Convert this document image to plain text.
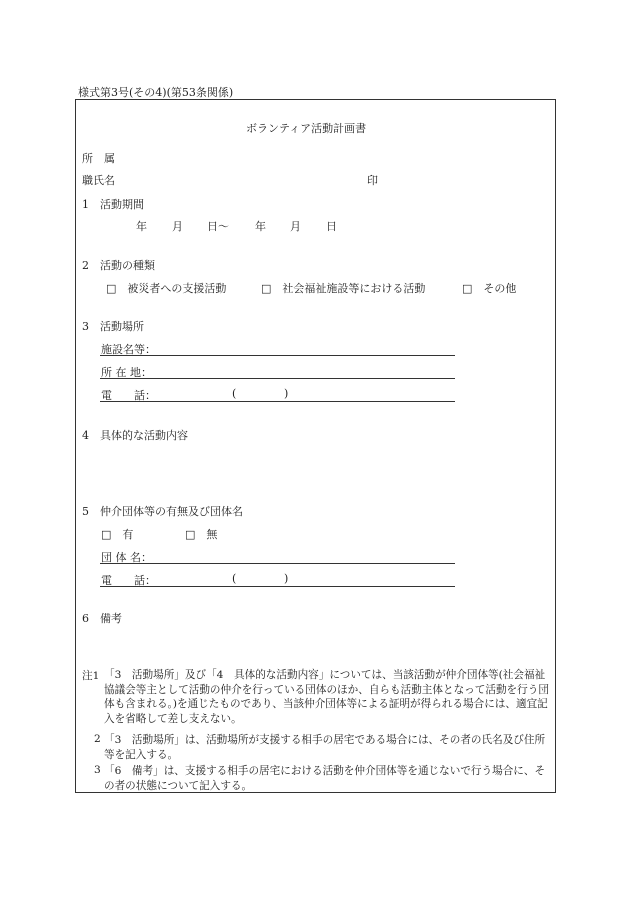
様式第3号(その4)(第53条関係)
ボランティア活動計画書
所　属
職氏名	印
1　活動期間
年 月 日～ 年 月 日
2　活動の種類
□　被災者への支援活動	□　社会福祉施設等における活動	□　その他
3　活動場所
施設名等：
所 在 地：
電　　話：	(	)
4　具体的な活動内容
5　仲介団体等の有無及び団体名
□　有	□　無
団 体 名：
電　　話：	(	)
6　備考
注1 「3　活動場所」及び「4　具体的な活動内容」については、当該活動が仲介団体等(社会福祉協議会等主として活動の仲介を行っている団体のほか、自らも活動主体となって活動を行う団体も含まれる。)を通じたものであり、当該仲介団体等による証明が得られる場合には、適宜記入を省略して差し支えない。
2 「3　活動場所」は、活動場所が支援する相手の居宅である場合には、その者の氏名及び住所等を記入する。
3 「6　備考」は、支援する相手の居宅における活動を仲介団体等を通じないで行う場合に、その者の状態について記入する。
